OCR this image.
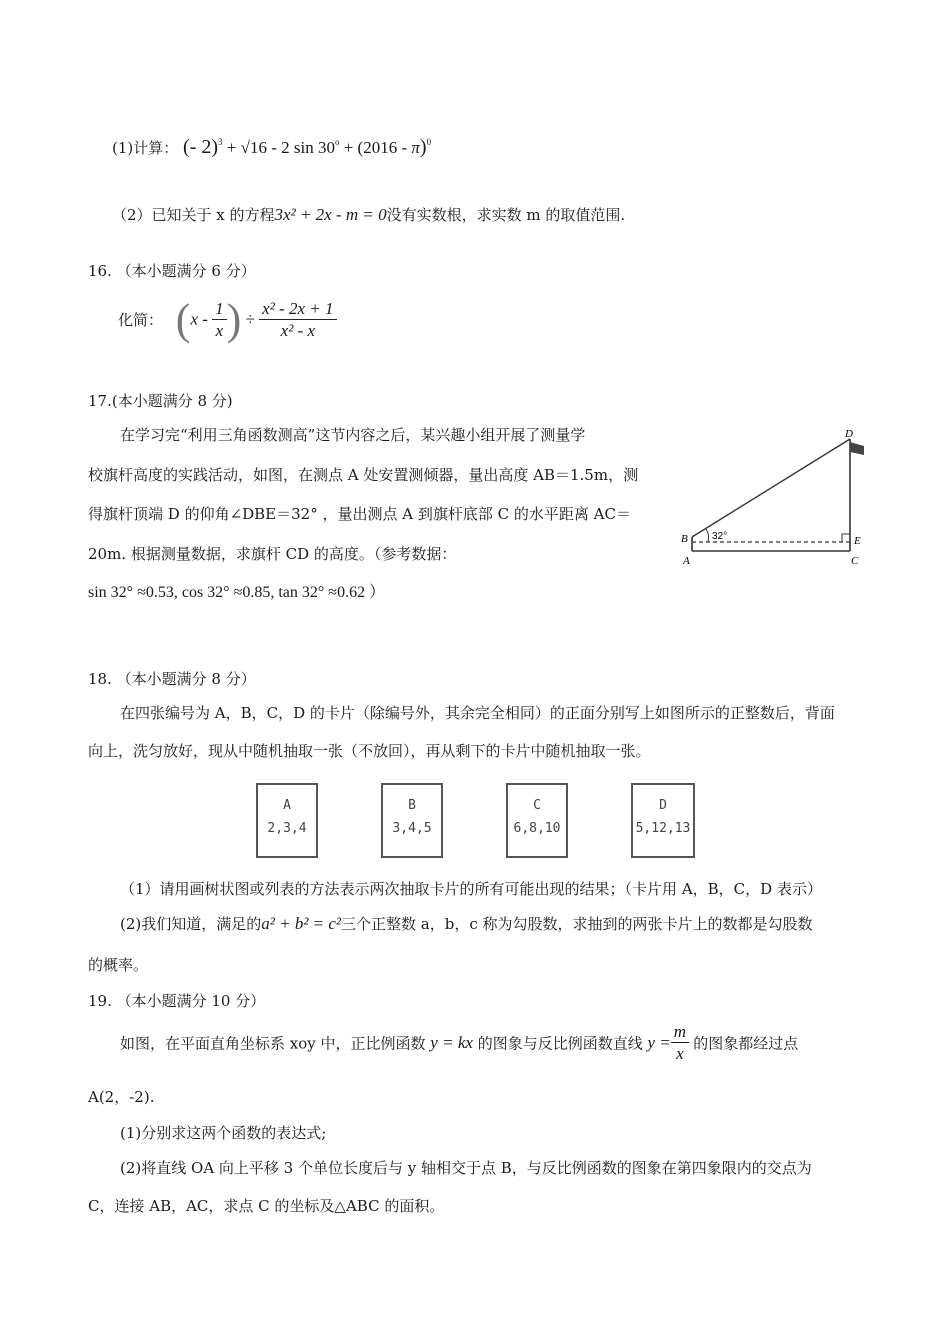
(1)计算： (- 2)$^3$ + √16 - 2 $\sin 30^o + (2016 - \pi)^0$
（2）已知关于 x 的方程3x² + 2x - m = 0没有实数根，求实数 m 的取值范围.
16. （本小题满分 6 分）
化简： ($x - \frac{1}{x}$ ) ÷ $\frac{\text{x² - 2x + 1}}{\text{x² - x}}$
17.(本小题满分 8 分)
在学习完“利用三角函数测高”这节内容之后，某兴趣小组开展了测量学
校旗杆高度的实践活动，如图，在测点 A 处安置测倾器，量出高度 AB＝1.5m，测
得旗杆顶端 D 的仰角∠DBE＝32° ，量出测点 A 到旗杆底部 C 的水平距离 AC＝
20m. 根据测量数据，求旗杆 CD 的高度。（参考数据：
sin 32° ≈0.53, cos 32° ≈0.85, tan 32° ≈0.62 ）
D
B	E
A	C
32°
18. （本小题满分 8 分）
在四张编号为 A，B，C，D 的卡片（除编号外，其余完全相同）的正面分别写上如图所示的正整数后，背面
向上，洗匀放好，现从中随机抽取一张（不放回），再从剩下的卡片中随机抽取一张。
A
2,3,4
B
3,4,5
C
6,8,10
D
5,12,13
（1）请用画树状图或列表的方法表示两次抽取卡片的所有可能出现的结果；（卡片用 A，B，C，D 表示）
(2)我们知道，满足的a² + b² = c²三个正整数 a，b，c 称为勾股数，求抽到的两张卡片上的数都是勾股数
的概率。
19. （本小题满分 10 分）
如图，在平面直角坐标系 xoy 中，正比例函数 y = kx 的图象与反比例函数直线 $y = \frac{m}{x}$ 的图象都经过点
A(2，-2).
(1)分别求这两个函数的表达式;
(2)将直线 OA 向上平移 3 个单位长度后与 y 轴相交于点 B，与反比例函数的图象在第四象限内的交点为
C，连接 AB，AC，求点 C 的坐标及△ABC 的面积。
